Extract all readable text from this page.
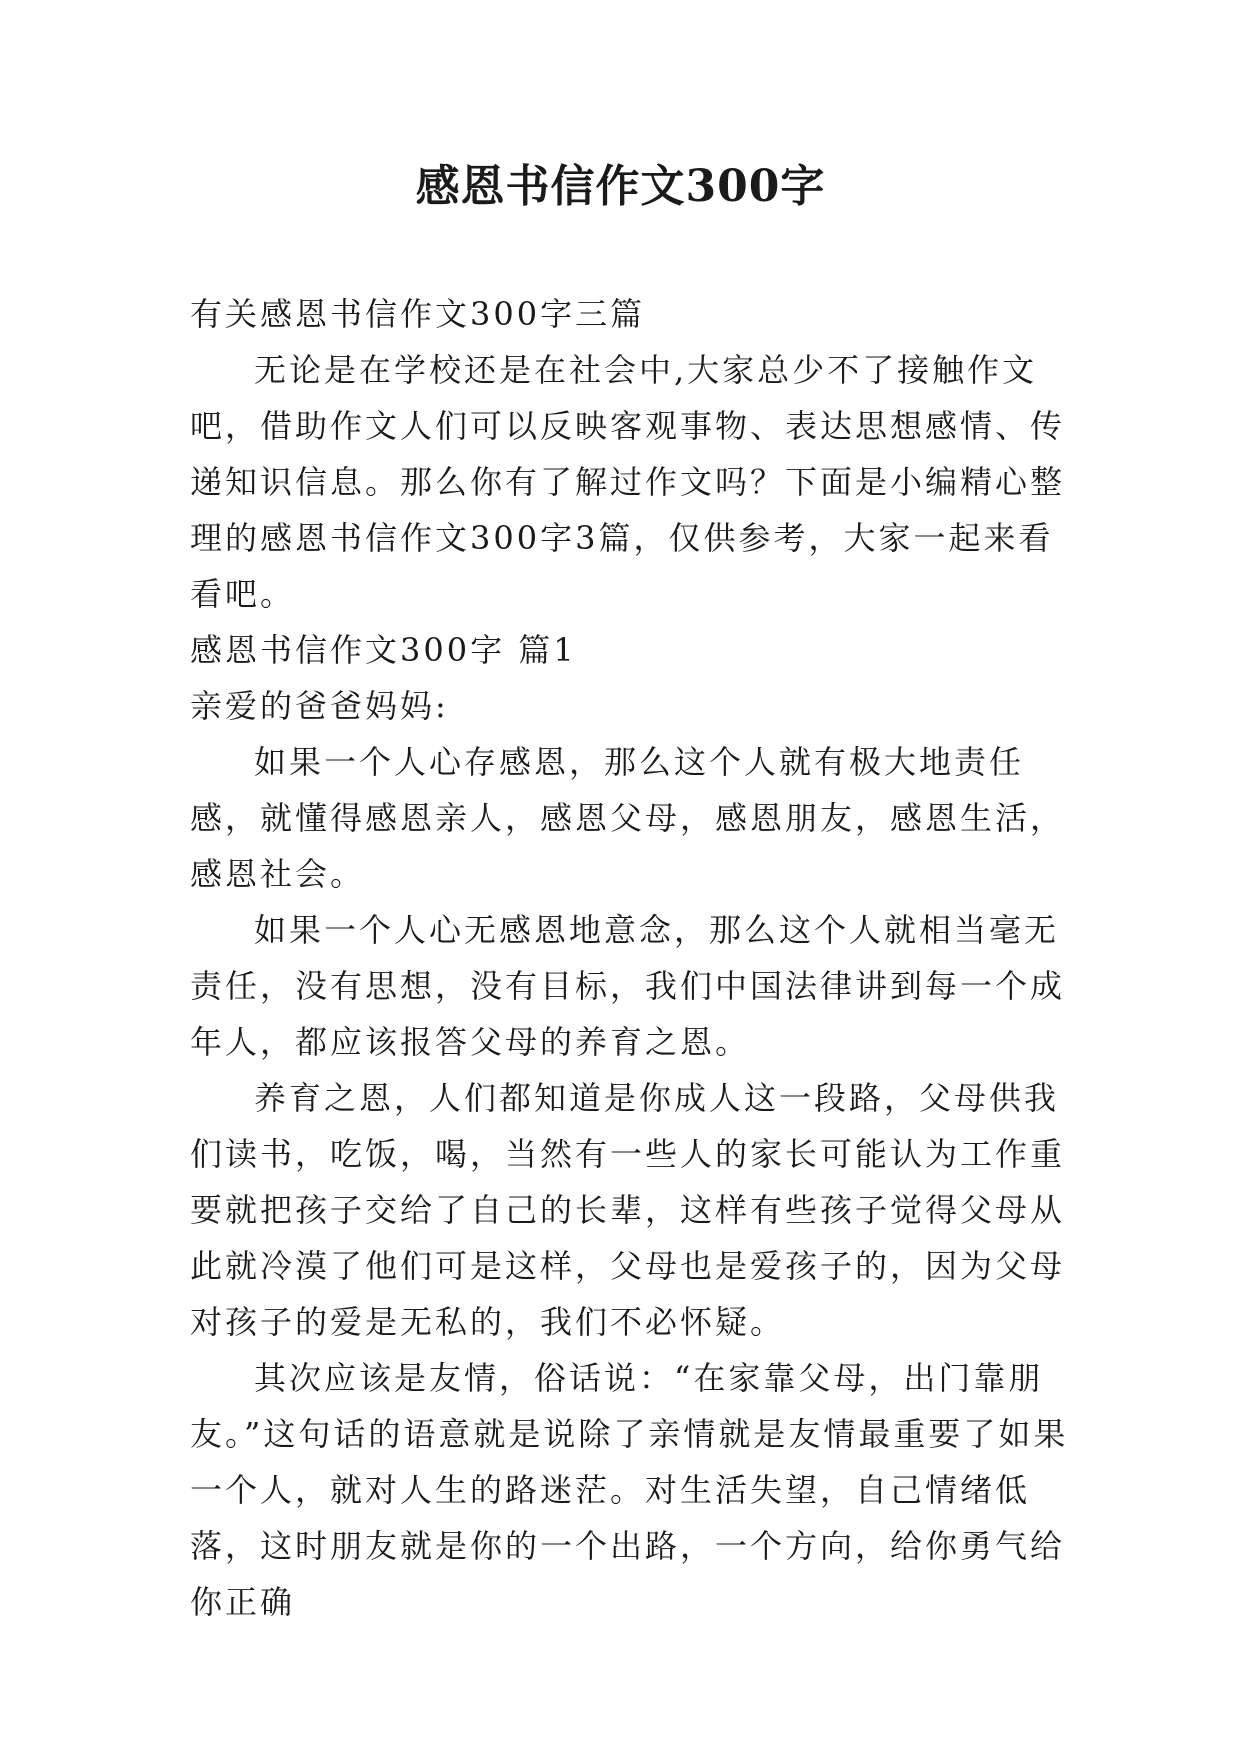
感恩书信作文300字

有关感恩书信作文300字三篇

无论是在学校还是在社会中,大家总少不了接触作文吧，借助作文人们可以反映客观事物、表达思想感情、传递知识信息。那么你有了解过作文吗？下面是小编精心整理的感恩书信作文300字3篇，仅供参考，大家一起来看看吧。

感恩书信作文300字 篇1

亲爱的爸爸妈妈:

如果一个人心存感恩，那么这个人就有极大地责任感，就懂得感恩亲人，感恩父母，感恩朋友，感恩生活，感恩社会。

如果一个人心无感恩地意念，那么这个人就相当毫无责任，没有思想，没有目标，我们中国法律讲到每一个成年人，都应该报答父母的养育之恩。

养育之恩，人们都知道是你成人这一段路，父母供我们读书，吃饭，喝，当然有一些人的家长可能认为工作重要就把孩子交给了自己的长辈，这样有些孩子觉得父母从此就冷漠了他们可是这样，父母也是爱孩子的，因为父母对孩子的爱是无私的，我们不必怀疑。

其次应该是友情，俗话说：“在家靠父母，出门靠朋友。”这句话的语意就是说除了亲情就是友情最重要了如果一个人，就对人生的路迷茫。对生活失望，自己情绪低落，这时朋友就是你的一个出路，一个方向，给你勇气给你正确
